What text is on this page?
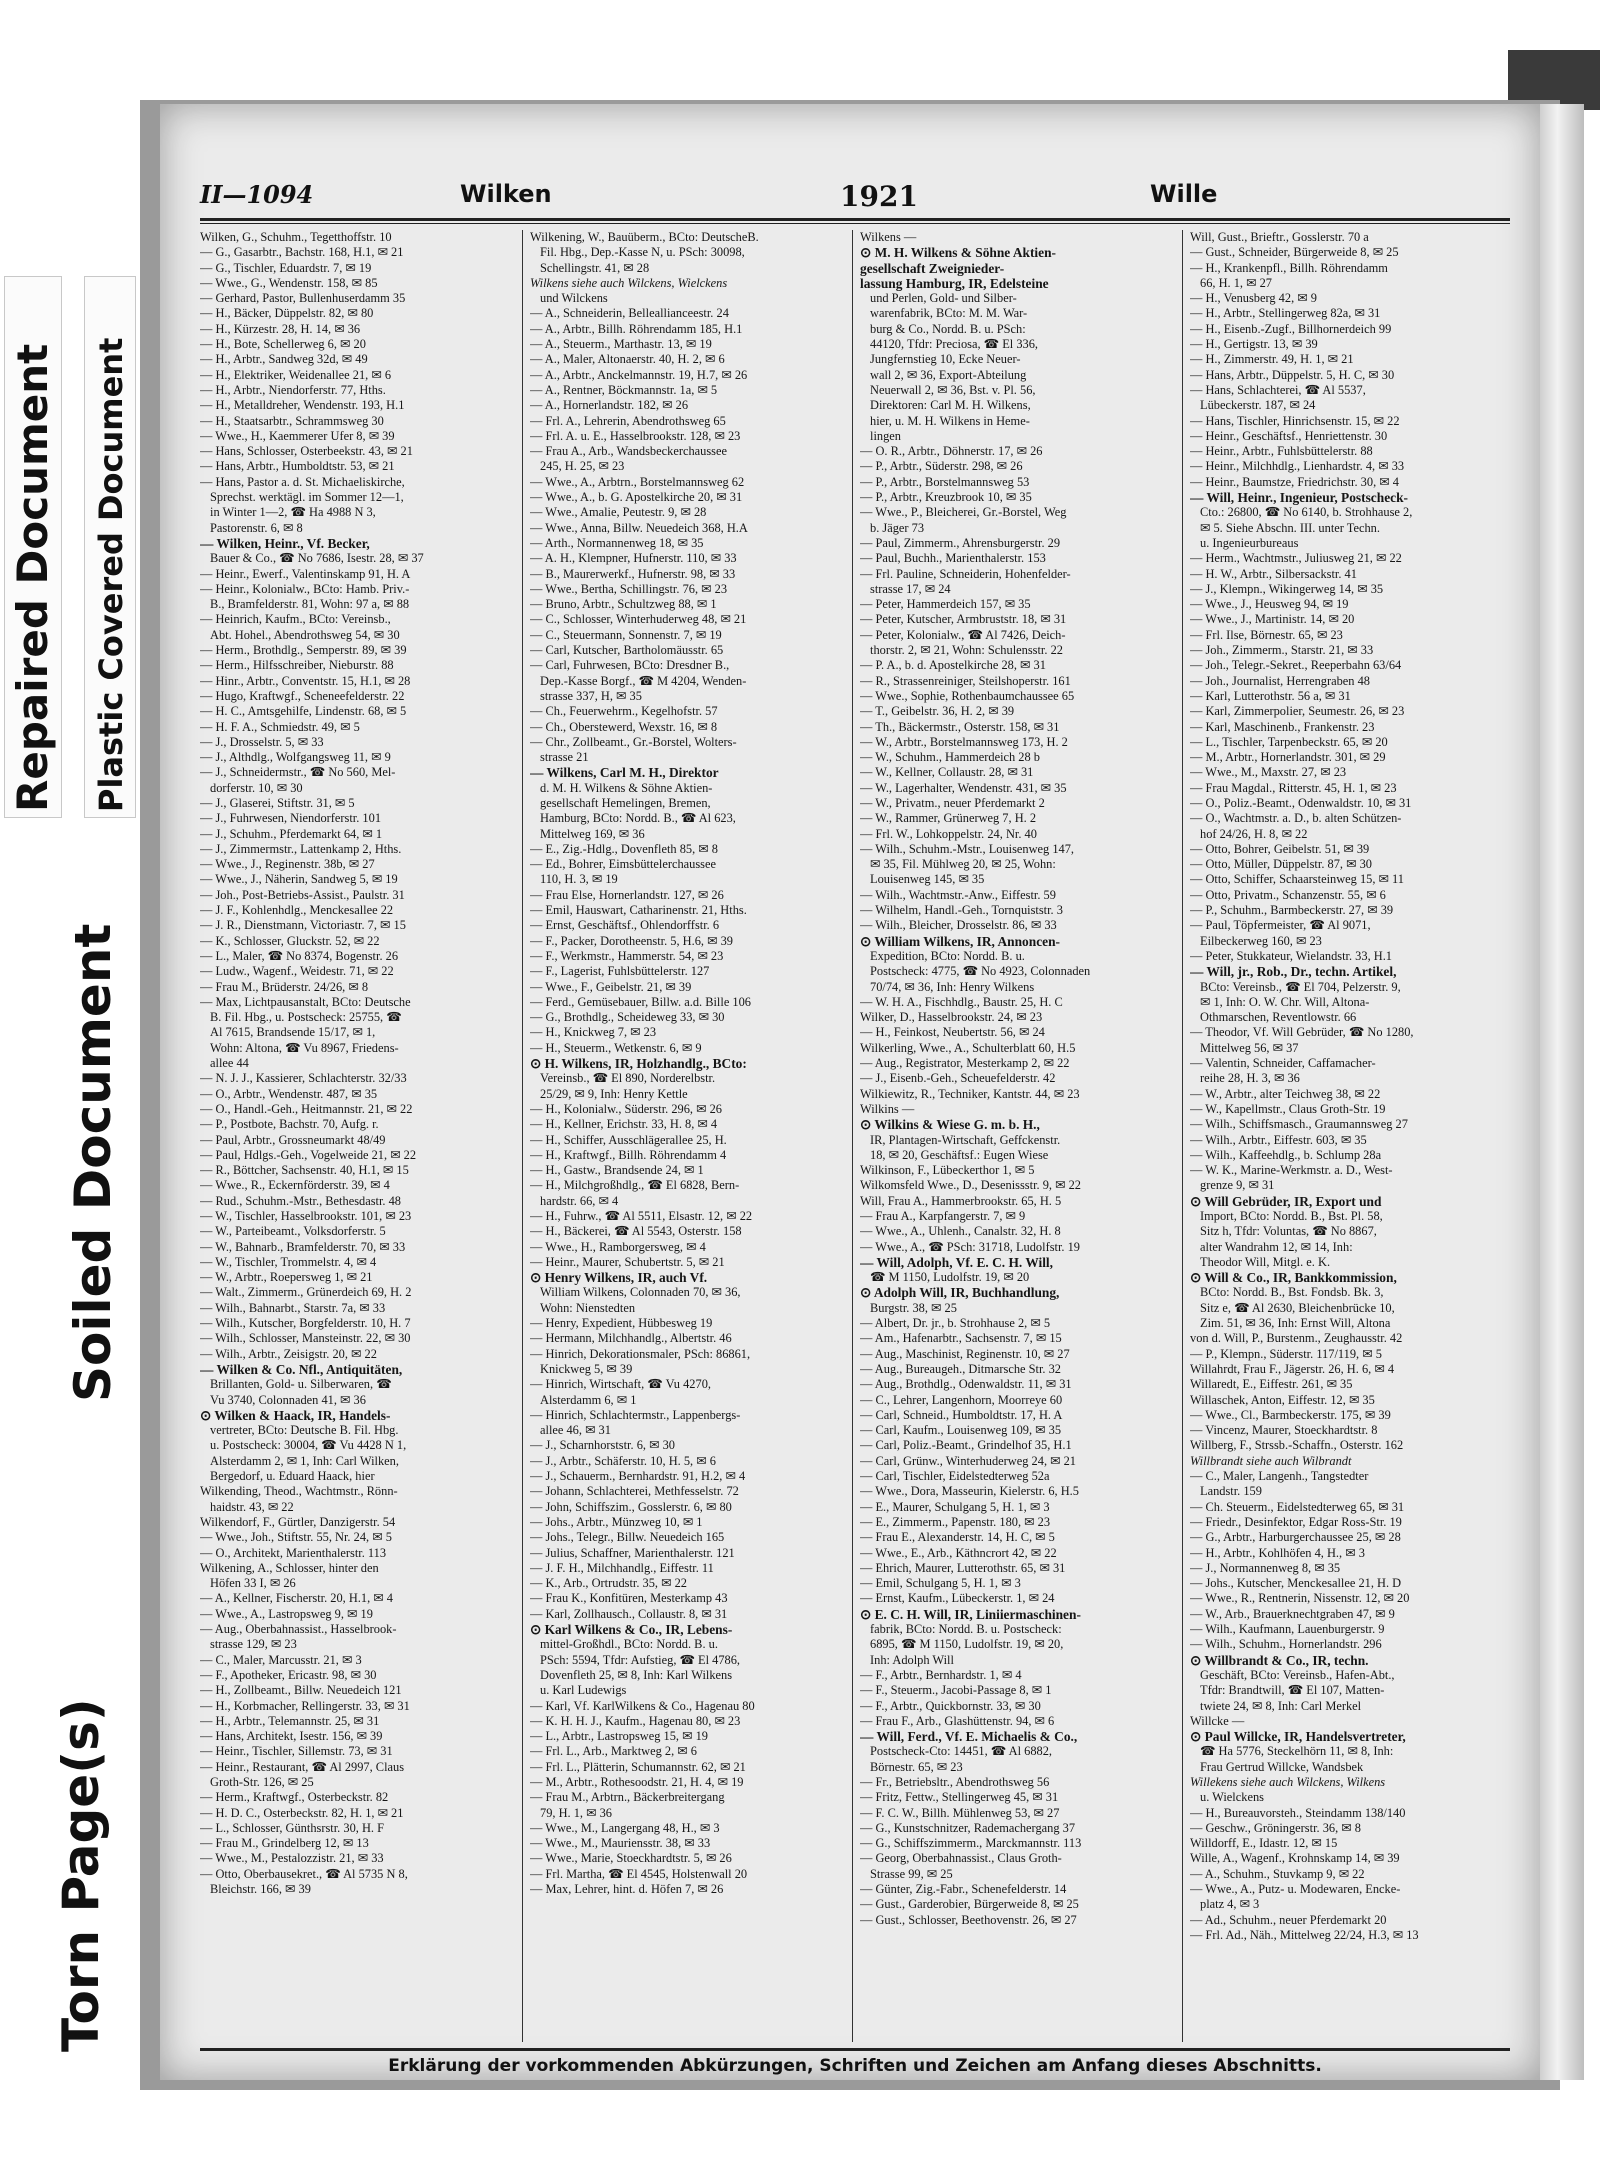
Repaired Document Plastic Covered Document
Soiled Document
Torn Page(s)
II—1094	Wilken	1921	Wille
Wilken, G., Schuhm., Tegetthoffstr. 10
— G., Gasarbtr., Bachstr. 168, H.1, ✉ 21
— G., Tischler, Eduardstr. 7, ✉ 19
— Wwe., G., Wendenstr. 158, ✉ 85
— Gerhard, Pastor, Bullenhuserdamm 35
— H., Bäcker, Düppelstr. 82, ✉ 80
— H., Kürzestr. 28, H. 14, ✉ 36
— H., Bote, Schellerweg 6, ✉ 20
— H., Arbtr., Sandweg 32d, ✉ 49
— H., Elektriker, Weidenallee 21, ✉ 6
— H., Arbtr., Niendorferstr. 77, Hths.
— H., Metalldreher, Wendenstr. 193, H.1
— H., Staatsarbtr., Schrammsweg 30
— Wwe., H., Kaemmerer Ufer 8, ✉ 39
— Hans, Schlosser, Osterbeekstr. 43, ✉ 21
— Hans, Arbtr., Humboldtstr. 53, ✉ 21
— Hans, Pastor a. d. St. Michaeliskirche,
Sprechst. werktägl. im Sommer 12—1,
in Winter 1—2, ☎ Ha 4988 N 3,
Pastorenstr. 6, ✉ 8
— Wilken, Heinr., Vf. Becker,
Bauer & Co., ☎ No 7686, Isestr. 28, ✉ 37
— Heinr., Ewerf., Valentinskamp 91, H. A
— Heinr., Kolonialw., BCto: Hamb. Priv.-
B., Bramfelderstr. 81, Wohn: 97 a, ✉ 88
— Heinrich, Kaufm., BCto: Vereinsb.,
Abt. Hohel., Abendrothsweg 54, ✉ 30
— Herm., Brothdlg., Semperstr. 89, ✉ 39
— Herm., Hilfsschreiber, Nieburstr. 88
— Hinr., Arbtr., Conventstr. 15, H.1, ✉ 28
— Hugo, Kraftwgf., Scheneefelderstr. 22
— H. C., Amtsgehilfe, Lindenstr. 68, ✉ 5
— H. F. A., Schmiedstr. 49, ✉ 5
— J., Drosselstr. 5, ✉ 33
— J., Althdlg., Wolfgangsweg 11, ✉ 9
— J., Schneidermstr., ☎ No 560, Mel-
dorferstr. 10, ✉ 30
— J., Glaserei, Stiftstr. 31, ✉ 5
— J., Fuhrwesen, Niendorferstr. 101
— J., Schuhm., Pferdemarkt 64, ✉ 1
— J., Zimmermstr., Lattenkamp 2, Hths.
— Wwe., J., Reginenstr. 38b, ✉ 27
— Wwe., J., Näherin, Sandweg 5, ✉ 19
— Joh., Post-Betriebs-Assist., Paulstr. 31
— J. F., Kohlenhdlg., Menckesallee 22
— J. R., Dienstmann, Victoriastr. 7, ✉ 15
— K., Schlosser, Gluckstr. 52, ✉ 22
— L., Maler, ☎ No 8374, Bogenstr. 26
— Ludw., Wagenf., Weidestr. 71, ✉ 22
— Frau M., Brüderstr. 24/26, ✉ 8
— Max, Lichtpausanstalt, BCto: Deutsche
B. Fil. Hbg., u. Postscheck: 25755, ☎
Al 7615, Brandsende 15/17, ✉ 1,
Wohn: Altona, ☎ Vu 8967, Friedens-
allee 44
— N. J. J., Kassierer, Schlachterstr. 32/33
— O., Arbtr., Wendenstr. 487, ✉ 35
— O., Handl.-Geh., Heitmannstr. 21, ✉ 22
— P., Postbote, Bachstr. 70, Aufg. r.
— Paul, Arbtr., Grossneumarkt 48/49
— Paul, Hdlgs.-Geh., Vogelweide 21, ✉ 22
— R., Böttcher, Sachsenstr. 40, H.1, ✉ 15
— Wwe., R., Eckernförderstr. 39, ✉ 4
— Rud., Schuhm.-Mstr., Bethesdastr. 48
— W., Tischler, Hasselbrookstr. 101, ✉ 23
— W., Parteibeamt., Volksdorferstr. 5
— W., Bahnarb., Bramfelderstr. 70, ✉ 33
— W., Tischler, Trommelstr. 4, ✉ 4
— W., Arbtr., Roepersweg 1, ✉ 21
— Walt., Zimmerm., Grünerdeich 69, H. 2
— Wilh., Bahnarbt., Starstr. 7a, ✉ 33
— Wilh., Kutscher, Borgfelderstr. 10, H. 7
— Wilh., Schlosser, Mansteinstr. 22, ✉ 30
— Wilh., Arbtr., Zeisigstr. 20, ✉ 22
— Wilken & Co. Nfl., Antiquitäten,
Brillanten, Gold- u. Silberwaren, ☎
Vu 3740, Colonnaden 41, ✉ 36
⊙ Wilken & Haack, IR, Handels-
vertreter, BCto: Deutsche B. Fil. Hbg.
u. Postscheck: 30004, ☎ Vu 4428 N 1,
Alsterdamm 2, ✉ 1, Inh: Carl Wilken,
Bergedorf, u. Eduard Haack, hier
Wilkending, Theod., Wachtmstr., Rönn-
haidstr. 43, ✉ 22
Wilkendorf, F., Gürtler, Danzigerstr. 54
— Wwe., Joh., Stiftstr. 55, Nr. 24, ✉ 5
— O., Architekt, Marienthalerstr. 113
Wilkening, A., Schlosser, hinter den
Höfen 33 I, ✉ 26
— A., Kellner, Fischerstr. 20, H.1, ✉ 4
— Wwe., A., Lastropsweg 9, ✉ 19
— Aug., Oberbahnassist., Hasselbrook-
strasse 129, ✉ 23
— C., Maler, Marcusstr. 21, ✉ 3
— F., Apotheker, Ericastr. 98, ✉ 30
— H., Zollbeamt., Billw. Neuedeich 121
— H., Korbmacher, Rellingerstr. 33, ✉ 31
— H., Arbtr., Telemannstr. 25, ✉ 31
— Hans, Architekt, Isestr. 156, ✉ 39
— Heinr., Tischler, Sillemstr. 73, ✉ 31
— Heinr., Restaurant, ☎ Al 2997, Claus
Groth-Str. 126, ✉ 25
— Herm., Kraftwgf., Osterbeckstr. 82
— H. D. C., Osterbeckstr. 82, H. 1, ✉ 21
— L., Schlosser, Günthsrstr. 30, H. F
— Frau M., Grindelberg 12, ✉ 13
— Wwe., M., Pestalozzistr. 21, ✉ 33
— Otto, Oberbausekret., ☎ Al 5735 N 8,
Bleichstr. 166, ✉ 39
Wilkening, W., Bauüberm., BCto: DeutscheB.
Fil. Hbg., Dep.-Kasse N, u. PSch: 30098,
Schellingstr. 41, ✉ 28
Wilkens siehe auch Wilckens, Wielckens
und Wilckens
— A., Schneiderin, Belleallianceestr. 24
— A., Arbtr., Billh. Röhrendamm 185, H.1
— A., Steuerm., Marthastr. 13, ✉ 19
— A., Maler, Altonaerstr. 40, H. 2, ✉ 6
— A., Arbtr., Anckelmannstr. 19, H.7, ✉ 26
— A., Rentner, Böckmannstr. 1a, ✉ 5
— A., Hornerlandstr. 182, ✉ 26
— Frl. A., Lehrerin, Abendrothsweg 65
— Frl. A. u. E., Hasselbrookstr. 128, ✉ 23
— Frau A., Arb., Wandsbeckerchaussee
245, H. 25, ✉ 23
— Wwe., A., Arbtrn., Borstelmannsweg 62
— Wwe., A., b. G. Apostelkirche 20, ✉ 31
— Wwe., Amalie, Peutestr. 9, ✉ 28
— Wwe., Anna, Billw. Neuedeich 368, H.A
— Arth., Normannenweg 18, ✉ 35
— A. H., Klempner, Hufnerstr. 110, ✉ 33
— B., Maurerwerkf., Hufnerstr. 98, ✉ 33
— Wwe., Bertha, Schillingstr. 76, ✉ 23
— Bruno, Arbtr., Schultzweg 88, ✉ 1
— C., Schlosser, Winterhuderweg 48, ✉ 21
— C., Steuermann, Sonnenstr. 7, ✉ 19
— Carl, Kutscher, Bartholomäusstr. 65
— Carl, Fuhrwesen, BCto: Dresdner B.,
Dep.-Kasse Borgf., ☎ M 4204, Wenden-
strasse 337, H, ✉ 35
— Ch., Feuerwehrm., Kegelhofstr. 57
— Ch., Oberstewerd, Wexstr. 16, ✉ 8
— Chr., Zollbeamt., Gr.-Borstel, Wolters-
strasse 21
— Wilkens, Carl M. H., Direktor
d. M. H. Wilkens & Söhne Aktien-
gesellschaft Hemelingen, Bremen,
Hamburg, BCto: Nordd. B., ☎ Al 623,
Mittelweg 169, ✉ 36
— E., Zig.-Hdlg., Dovenfleth 85, ✉ 8
— Ed., Bohrer, Eimsbüttelerchaussee
110, H. 3, ✉ 19
— Frau Else, Hornerlandstr. 127, ✉ 26
— Emil, Hauswart, Catharinenstr. 21, Hths.
— Ernst, Geschäftsf., Ohlendorffstr. 6
— F., Packer, Dorotheenstr. 5, H.6, ✉ 39
— F., Werkmstr., Hammerstr. 54, ✉ 23
— F., Lagerist, Fuhlsbüttelerstr. 127
— Wwe., F., Geibelstr. 21, ✉ 39
— Ferd., Gemüsebauer, Billw. a.d. Bille 106
— G., Brothdlg., Scheideweg 33, ✉ 30
— H., Knickweg 7, ✉ 23
— H., Steuerm., Wetkenstr. 6, ✉ 9
⊙ H. Wilkens, IR, Holzhandlg., BCto:
Vereinsb., ☎ El 890, Norderelbstr.
25/29, ✉ 9, Inh: Henry Kettle
— H., Kolonialw., Süderstr. 296, ✉ 26
— H., Kellner, Erichstr. 33, H. 8, ✉ 4
— H., Schiffer, Ausschlägerallee 25, H.
— H., Kraftwgf., Billh. Röhrendamm 4
— H., Gastw., Brandsende 24, ✉ 1
— H., Milchgroßhdlg., ☎ El 6828, Bern-
hardstr. 66, ✉ 4
— H., Fuhrw., ☎ Al 5511, Elsastr. 12, ✉ 22
— H., Bäckerei, ☎ Al 5543, Osterstr. 158
— Wwe., H., Ramborgersweg, ✉ 4
— Heinr., Maurer, Schubertstr. 5, ✉ 21
⊙ Henry Wilkens, IR, auch Vf.
William Wilkens, Colonnaden 70, ✉ 36,
Wohn: Nienstedten
— Henry, Expedient, Hübbesweg 19
— Hermann, Milchhandlg., Albertstr. 46
— Hinrich, Dekorationsmaler, PSch: 86861,
Knickweg 5, ✉ 39
— Hinrich, Wirtschaft, ☎ Vu 4270,
Alsterdamm 6, ✉ 1
— Hinrich, Schlachtermstr., Lappenbergs-
allee 46, ✉ 31
— J., Scharnhorststr. 6, ✉ 30
— J., Arbtr., Schäferstr. 10, H. 5, ✉ 6
— J., Schauerm., Bernhardstr. 91, H.2, ✉ 4
— Johann, Schlachterei, Methfesselstr. 72
— John, Schiffszim., Gosslerstr. 6, ✉ 80
— Johs., Arbtr., Münzweg 10, ✉ 1
— Johs., Telegr., Billw. Neuedeich 165
— Julius, Schaffner, Marienthalerstr. 121
— J. F. H., Milchhandlg., Eiffestr. 11
— K., Arb., Ortrudstr. 35, ✉ 22
— Frau K., Konfitüren, Mesterkamp 43
— Karl, Zollhausch., Collaustr. 8, ✉ 31
⊙ Karl Wilkens & Co., IR, Lebens-
mittel-Großhdl., BCto: Nordd. B. u.
PSch: 5594, Tfdr: Aufstieg, ☎ El 4786,
Dovenfleth 25, ✉ 8, Inh: Karl Wilkens
u. Karl Ludewigs
— Karl, Vf. KarlWilkens & Co., Hagenau 80
— K. H. H. J., Kaufm., Hagenau 80, ✉ 23
— L., Arbtr., Lastropsweg 15, ✉ 19
— Frl. L., Arb., Marktweg 2, ✉ 6
— Frl. L., Plätterin, Schumannstr. 62, ✉ 21
— M., Arbtr., Rothesoodstr. 21, H. 4, ✉ 19
— Frau M., Arbtrn., Bäckerbreitergang
79, H. 1, ✉ 36
— Wwe., M., Langergang 48, H., ✉ 3
— Wwe., M., Mauriensstr. 38, ✉ 33
— Wwe., Marie, Stoeckhardtstr. 5, ✉ 26
— Frl. Martha, ☎ El 4545, Holstenwall 20
— Max, Lehrer, hint. d. Höfen 7, ✉ 26
Wilkens —
⊙ M. H. Wilkens & Söhne Aktien-
gesellschaft Zweignieder-
lassung Hamburg, IR, Edelsteine
und Perlen, Gold- und Silber-
warenfabrik, BCto: M. M. War-
burg & Co., Nordd. B. u. PSch:
44120, Tfdr: Preciosa, ☎ El 336,
Jungfernstieg 10, Ecke Neuer-
wall 2, ✉ 36, Export-Abteilung
Neuerwall 2, ✉ 36, Bst. v. Pl. 56,
Direktoren: Carl M. H. Wilkens,
hier, u. M. H. Wilkens in Heme-
lingen
— O. R., Arbtr., Döhnerstr. 17, ✉ 26
— P., Arbtr., Süderstr. 298, ✉ 26
— P., Arbtr., Borstelmannsweg 53
— P., Arbtr., Kreuzbrook 10, ✉ 35
— Wwe., P., Bleicherei, Gr.-Borstel, Weg
b. Jäger 73
— Paul, Zimmerm., Ahrensburgerstr. 29
— Paul, Buchh., Marienthalerstr. 153
— Frl. Pauline, Schneiderin, Hohenfelder-
strasse 17, ✉ 24
— Peter, Hammerdeich 157, ✉ 35
— Peter, Kutscher, Armbruststr. 18, ✉ 31
— Peter, Kolonialw., ☎ Al 7426, Deich-
thorstr. 2, ✉ 21, Wohn: Schulensstr. 22
— P. A., b. d. Apostelkirche 28, ✉ 31
— R., Strassenreiniger, Steilshoperstr. 161
— Wwe., Sophie, Rothenbaumchaussee 65
— T., Geibelstr. 36, H. 2, ✉ 39
— Th., Bäckermstr., Osterstr. 158, ✉ 31
— W., Arbtr., Borstelmannsweg 173, H. 2
— W., Schuhm., Hammerdeich 28 b
— W., Kellner, Collaustr. 28, ✉ 31
— W., Lagerhalter, Wendenstr. 431, ✉ 35
— W., Privatm., neuer Pferdemarkt 2
— W., Rammer, Grünerweg 7, H. 2
— Frl. W., Lohkoppelstr. 24, Nr. 40
— Wilh., Schuhm.-Mstr., Louisenweg 147,
✉ 35, Fil. Mühlweg 20, ✉ 25, Wohn:
Louisenweg 145, ✉ 35
— Wilh., Wachtmstr.-Anw., Eiffestr. 59
— Wilhelm, Handl.-Geh., Tornquiststr. 3
— Wilh., Bleicher, Drosselstr. 86, ✉ 33
⊙ William Wilkens, IR, Annoncen-
Expedition, BCto: Nordd. B. u.
Postscheck: 4775, ☎ No 4923, Colonnaden
70/74, ✉ 36, Inh: Henry Wilkens
— W. H. A., Fischhdlg., Baustr. 25, H. C
Wilker, D., Hasselbrookstr. 24, ✉ 23
— H., Feinkost, Neubertstr. 56, ✉ 24
Wilkerling, Wwe., A., Schulterblatt 60, H.5
— Aug., Registrator, Mesterkamp 2, ✉ 22
— J., Eisenb.-Geh., Scheuefelderstr. 42
Wilkiewitz, R., Techniker, Kantstr. 44, ✉ 23
Wilkins —
⊙ Wilkins & Wiese G. m. b. H.,
IR, Plantagen-Wirtschaft, Geffckenstr.
18, ✉ 20, Geschäftsf.: Eugen Wiese
Wilkinson, F., Lübeckerthor 1, ✉ 5
Wilkomsfeld Wwe., D., Desenissstr. 9, ✉ 22
Will, Frau A., Hammerbrookstr. 65, H. 5
— Frau A., Karpfangerstr. 7, ✉ 9
— Wwe., A., Uhlenh., Canalstr. 32, H. 8
— Wwe., A., ☎ PSch: 31718, Ludolfstr. 19
— Will, Adolph, Vf. E. C. H. Will,
☎ M 1150, Ludolfstr. 19, ✉ 20
⊙ Adolph Will, IR, Buchhandlung,
Burgstr. 38, ✉ 25
— Albert, Dr. jr., b. Strohhause 2, ✉ 5
— Am., Hafenarbtr., Sachsenstr. 7, ✉ 15
— Aug., Maschinist, Reginenstr. 10, ✉ 27
— Aug., Bureaugeh., Ditmarsche Str. 32
— Aug., Brothdlg., Odenwaldstr. 11, ✉ 31
— C., Lehrer, Langenhorn, Moorreye 60
— Carl, Schneid., Humboldtstr. 17, H. A
— Carl, Kaufm., Louisenweg 109, ✉ 35
— Carl, Poliz.-Beamt., Grindelhof 35, H.1
— Carl, Grünw., Winterhuderweg 24, ✉ 21
— Carl, Tischler, Eidelstedterweg 52a
— Wwe., Dora, Masseurin, Kielerstr. 6, H.5
— E., Maurer, Schulgang 5, H. 1, ✉ 3
— E., Zimmerm., Papenstr. 180, ✉ 23
— Frau E., Alexanderstr. 14, H. C, ✉ 5
— Wwe., E., Arb., Käthncrort 42, ✉ 22
— Ehrich, Maurer, Lutterothstr. 65, ✉ 31
— Emil, Schulgang 5, H. 1, ✉ 3
— Ernst, Kaufm., Lübeckerstr. 1, ✉ 24
⊙ E. C. H. Will, IR, Liniiermaschinen-
fabrik, BCto: Nordd. B. u. Postscheck:
6895, ☎ M 1150, Ludolfstr. 19, ✉ 20,
Inh: Adolph Will
— F., Arbtr., Bernhardstr. 1, ✉ 4
— F., Steuerm., Jacobi-Passage 8, ✉ 1
— F., Arbtr., Quickbornstr. 33, ✉ 30
— Frau F., Arb., Glashüttenstr. 94, ✉ 6
— Will, Ferd., Vf. E. Michaelis & Co.,
Postscheck-Cto: 14451, ☎ Al 6882,
Börnestr. 65, ✉ 23
— Fr., Betriebsltr., Abendrothsweg 56
— Fritz, Fettw., Stellingerweg 45, ✉ 31
— F. C. W., Billh. Mühlenweg 53, ✉ 27
— G., Kunstschnitzer, Rademachergang 37
— G., Schiffszimmerm., Marckmannstr. 113
— Georg, Oberbahnassist., Claus Groth-
Strasse 99, ✉ 25
— Günter, Zig.-Fabr., Schenefelderstr. 14
— Gust., Garderobier, Bürgerweide 8, ✉ 25
— Gust., Schlosser, Beethovenstr. 26, ✉ 27
Will, Gust., Brieftr., Gosslerstr. 70 a
— Gust., Schneider, Bürgerweide 8, ✉ 25
— H., Krankenpfl., Billh. Röhrendamm
66, H. 1, ✉ 27
— H., Venusberg 42, ✉ 9
— H., Arbtr., Stellingerweg 82a, ✉ 31
— H., Eisenb.-Zugf., Billhornerdeich 99
— H., Gertigstr. 13, ✉ 39
— H., Zimmerstr. 49, H. 1, ✉ 21
— Hans, Arbtr., Düppelstr. 5, H. C, ✉ 30
— Hans, Schlachterei, ☎ Al 5537,
Lübeckerstr. 187, ✉ 24
— Hans, Tischler, Hinrichsenstr. 15, ✉ 22
— Heinr., Geschäftsf., Henriettenstr. 30
— Heinr., Arbtr., Fuhlsbüttelerstr. 88
— Heinr., Milchhdlg., Lienhardstr. 4, ✉ 33
— Heinr., Baumstze, Friedrichstr. 30, ✉ 4
— Will, Heinr., Ingenieur, Postscheck-
Cto.: 26800, ☎ No 6140, b. Strohhause 2,
✉ 5. Siehe Abschn. III. unter Techn.
u. Ingenieurbureaus
— Herm., Wachtmstr., Juliusweg 21, ✉ 22
— H. W., Arbtr., Silbersackstr. 41
— J., Klempn., Wikingerweg 14, ✉ 35
— Wwe., J., Heusweg 94, ✉ 19
— Wwe., J., Martinistr. 14, ✉ 20
— Frl. Ilse, Börnestr. 65, ✉ 23
— Joh., Zimmerm., Starstr. 21, ✉ 33
— Joh., Telegr.-Sekret., Reeperbahn 63/64
— Joh., Journalist, Herrengraben 48
— Karl, Lutterothstr. 56 a, ✉ 31
— Karl, Zimmerpolier, Seumestr. 26, ✉ 23
— Karl, Maschinenb., Frankenstr. 23
— L., Tischler, Tarpenbeckstr. 65, ✉ 20
— M., Arbtr., Hornerlandstr. 301, ✉ 29
— Wwe., M., Maxstr. 27, ✉ 23
— Frau Magdal., Ritterstr. 45, H. 1, ✉ 23
— O., Poliz.-Beamt., Odenwaldstr. 10, ✉ 31
— O., Wachtmstr. a. D., b. alten Schützen-
hof 24/26, H. 8, ✉ 22
— Otto, Bohrer, Geibelstr. 51, ✉ 39
— Otto, Müller, Düppelstr. 87, ✉ 30
— Otto, Schiffer, Schaarsteinweg 15, ✉ 11
— Otto, Privatm., Schanzenstr. 55, ✉ 6
— P., Schuhm., Barmbeckerstr. 27, ✉ 39
— Paul, Töpfermeister, ☎ Al 9071,
Eilbeckerweg 160, ✉ 23
— Peter, Stukkateur, Wielandstr. 33, H.1
— Will, jr., Rob., Dr., techn. Artikel,
BCto: Vereinsb., ☎ El 704, Pelzerstr. 9,
✉ 1, Inh: O. W. Chr. Will, Altona-
Othmarschen, Reventlowstr. 66
— Theodor, Vf. Will Gebrüder, ☎ No 1280,
Mittelweg 56, ✉ 37
— Valentin, Schneider, Caffamacher-
reihe 28, H. 3, ✉ 36
— W., Arbtr., alter Teichweg 38, ✉ 22
— W., Kapellmstr., Claus Groth-Str. 19
— Wilh., Schiffsmasch., Graumannsweg 27
— Wilh., Arbtr., Eiffestr. 603, ✉ 35
— Wilh., Kaffeehdlg., b. Schlump 28a
— W. K., Marine-Werkmstr. a. D., West-
grenze 9, ✉ 31
⊙ Will Gebrüder, IR, Export und
Import, BCto: Nordd. B., Bst. Pl. 58,
Sitz h, Tfdr: Voluntas, ☎ No 8867,
alter Wandrahm 12, ✉ 14, Inh:
Theodor Will, Mitgl. e. K.
⊙ Will & Co., IR, Bankkommission,
BCto: Nordd. B., Bst. Fondsb. Bk. 3,
Sitz e, ☎ Al 2630, Bleichenbrücke 10,
Zim. 51, ✉ 36, Inh: Ernst Will, Altona
von d. Will, P., Burstenm., Zeughausstr. 42
— P., Klempn., Süderstr. 117/119, ✉ 5
Willahrdt, Frau F., Jägerstr. 26, H. 6, ✉ 4
Willaredt, E., Eiffestr. 261, ✉ 35
Willaschek, Anton, Eiffestr. 12, ✉ 35
— Wwe., Cl., Barmbeckerstr. 175, ✉ 39
— Vincenz, Maurer, Stoeckhardtstr. 8
Willberg, F., Strssb.-Schaffn., Osterstr. 162
Willbrandt siehe auch Wilbrandt
— C., Maler, Langenh., Tangstedter
Landstr. 159
— Ch. Steuerm., Eidelstedterweg 65, ✉ 31
— Friedr., Desinfektor, Edgar Ross-Str. 19
— G., Arbtr., Harburgerchaussee 25, ✉ 28
— H., Arbtr., Kohlhöfen 4, H., ✉ 3
— J., Normannenweg 8, ✉ 35
— Johs., Kutscher, Menckesallee 21, H. D
— Wwe., R., Rentnerin, Nissenstr. 12, ✉ 20
— W., Arb., Brauerknechtgraben 47, ✉ 9
— Wilh., Kaufmann, Lauenburgerstr. 9
— Wilh., Schuhm., Hornerlandstr. 296
⊙ Willbrandt & Co., IR, techn.
Geschäft, BCto: Vereinsb., Hafen-Abt.,
Tfdr: Brandtwill, ☎ El 107, Matten-
twiete 24, ✉ 8, Inh: Carl Merkel
Willcke —
⊙ Paul Willcke, IR, Handelsvertreter,
☎ Ha 5776, Steckelhörn 11, ✉ 8, Inh:
Frau Gertrud Willcke, Wandsbek
Willekens siehe auch Wilckens, Wilkens
u. Wielckens
— H., Bureauvorsteh., Steindamm 138/140
— Geschw., Gröningerstr. 36, ✉ 8
Willdorff, E., Idastr. 12, ✉ 15
Wille, A., Wagenf., Krohnskamp 14, ✉ 39
— A., Schuhm., Stuvkamp 9, ✉ 22
— Wwe., A., Putz- u. Modewaren, Encke-
platz 4, ✉ 3
— Ad., Schuhm., neuer Pferdemarkt 20
— Frl. Ad., Näh., Mittelweg 22/24, H.3, ✉ 13
Erklärung der vorkommenden Abkürzungen, Schriften und Zeichen am Anfang dieses Abschnitts.
